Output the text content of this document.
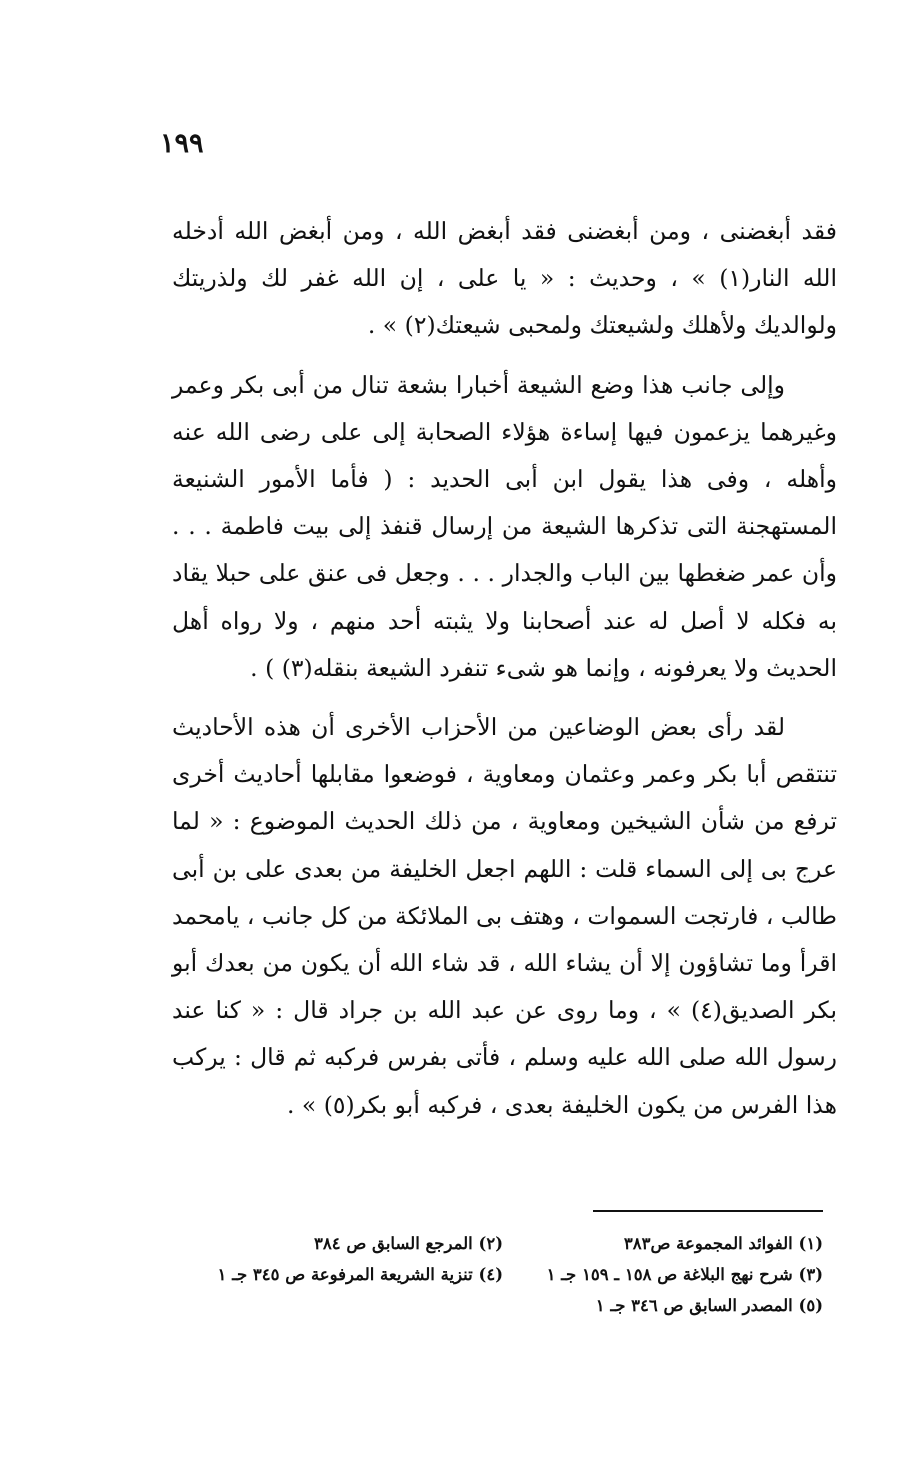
١٩٩

فقد أبغضنى ، ومن أبغضنى فقد أبغض الله ، ومن أبغض الله أدخله الله النار(١) » ، وحديث : « يا على ، إن الله غفر لك ولذريتك ولوالديك ولأهلك ولشيعتك ولمحبى شيعتك(٢) » .

وإلى جانب هذا وضع الشيعة أخبارا بشعة تنال من أبى بكر وعمر وغيرهما يزعمون فيها إساءة هؤلاء الصحابة إلى على رضى الله عنه وأهله ، وفى هذا يقول ابن أبى الحديد : ( فأما الأمور الشنيعة المستهجنة التى تذكرها الشيعة من إرسال قنفذ إلى بيت فاطمة . . . وأن عمر ضغطها بين الباب والجدار . . . وجعل فى عنق على حبلا يقاد به فكله لا أصل له عند أصحابنا ولا يثبته أحد منهم ، ولا رواه أهل الحديث ولا يعرفونه ، وإنما هو شىء تنفرد الشيعة بنقله(٣) ) .

لقد رأى بعض الوضاعين من الأحزاب الأخرى أن هذه الأحاديث تنتقص أبا بكر وعمر وعثمان ومعاوية ، فوضعوا مقابلها أحاديث أخرى ترفع من شأن الشيخين ومعاوية ، من ذلك الحديث الموضوع : « لما عرج بى إلى السماء قلت : اللهم اجعل الخليفة من بعدى على بن أبى طالب ، فارتجت السموات ، وهتف بى الملائكة من كل جانب ، يامحمد اقرأ وما تشاؤون إلا أن يشاء الله ، قد شاء الله أن يكون من بعدك أبو بكر الصديق(٤) » ، وما روى عن عبد الله بن جراد قال : « كنا عند رسول الله صلى الله عليه وسلم ، فأتى بفرس فركبه ثم قال : يركب هذا الفرس من يكون الخليفة بعدى ، فركبه أبو بكر(٥) » .

(١) الفوائد المجموعة ص٣٨٣
(٢) المرجع السابق ص ٣٨٤
(٣) شرح نهج البلاغة ص ١٥٨ ـ ١٥٩ جـ ١
(٤) تنزية الشريعة المرفوعة ص ٣٤٥ جـ ١
(٥) المصدر السابق ص ٣٤٦ جـ ١
